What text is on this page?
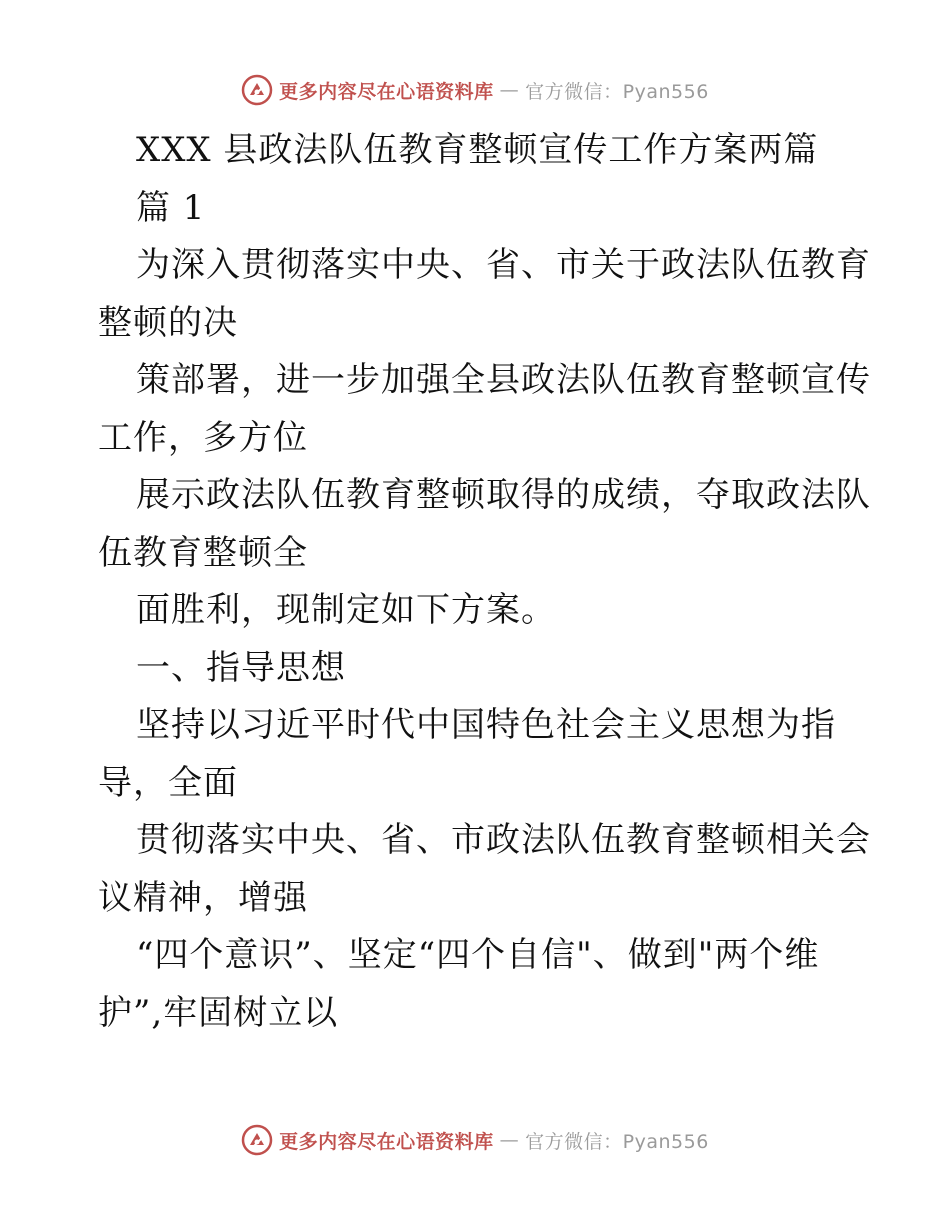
更多内容尽在心语资料库 — 官方微信：Pyan556
XXX 县政法队伍教育整顿宣传工作方案两篇
篇 1
为深入贯彻落实中央、省、市关于政法队伍教育
整顿的决
策部署，进一步加强全县政法队伍教育整顿宣传
工作，多方位
展示政法队伍教育整顿取得的成绩，夺取政法队
伍教育整顿全
面胜利，现制定如下方案。
一、指导思想
坚持以习近平时代中国特色社会主义思想为指
导，全面
贯彻落实中央、省、市政法队伍教育整顿相关会
议精神，增强
“四个意识”、坚定“四个自信"、做到"两个维
护”,牢固树立以
更多内容尽在心语资料库 — 官方微信：Pyan556
